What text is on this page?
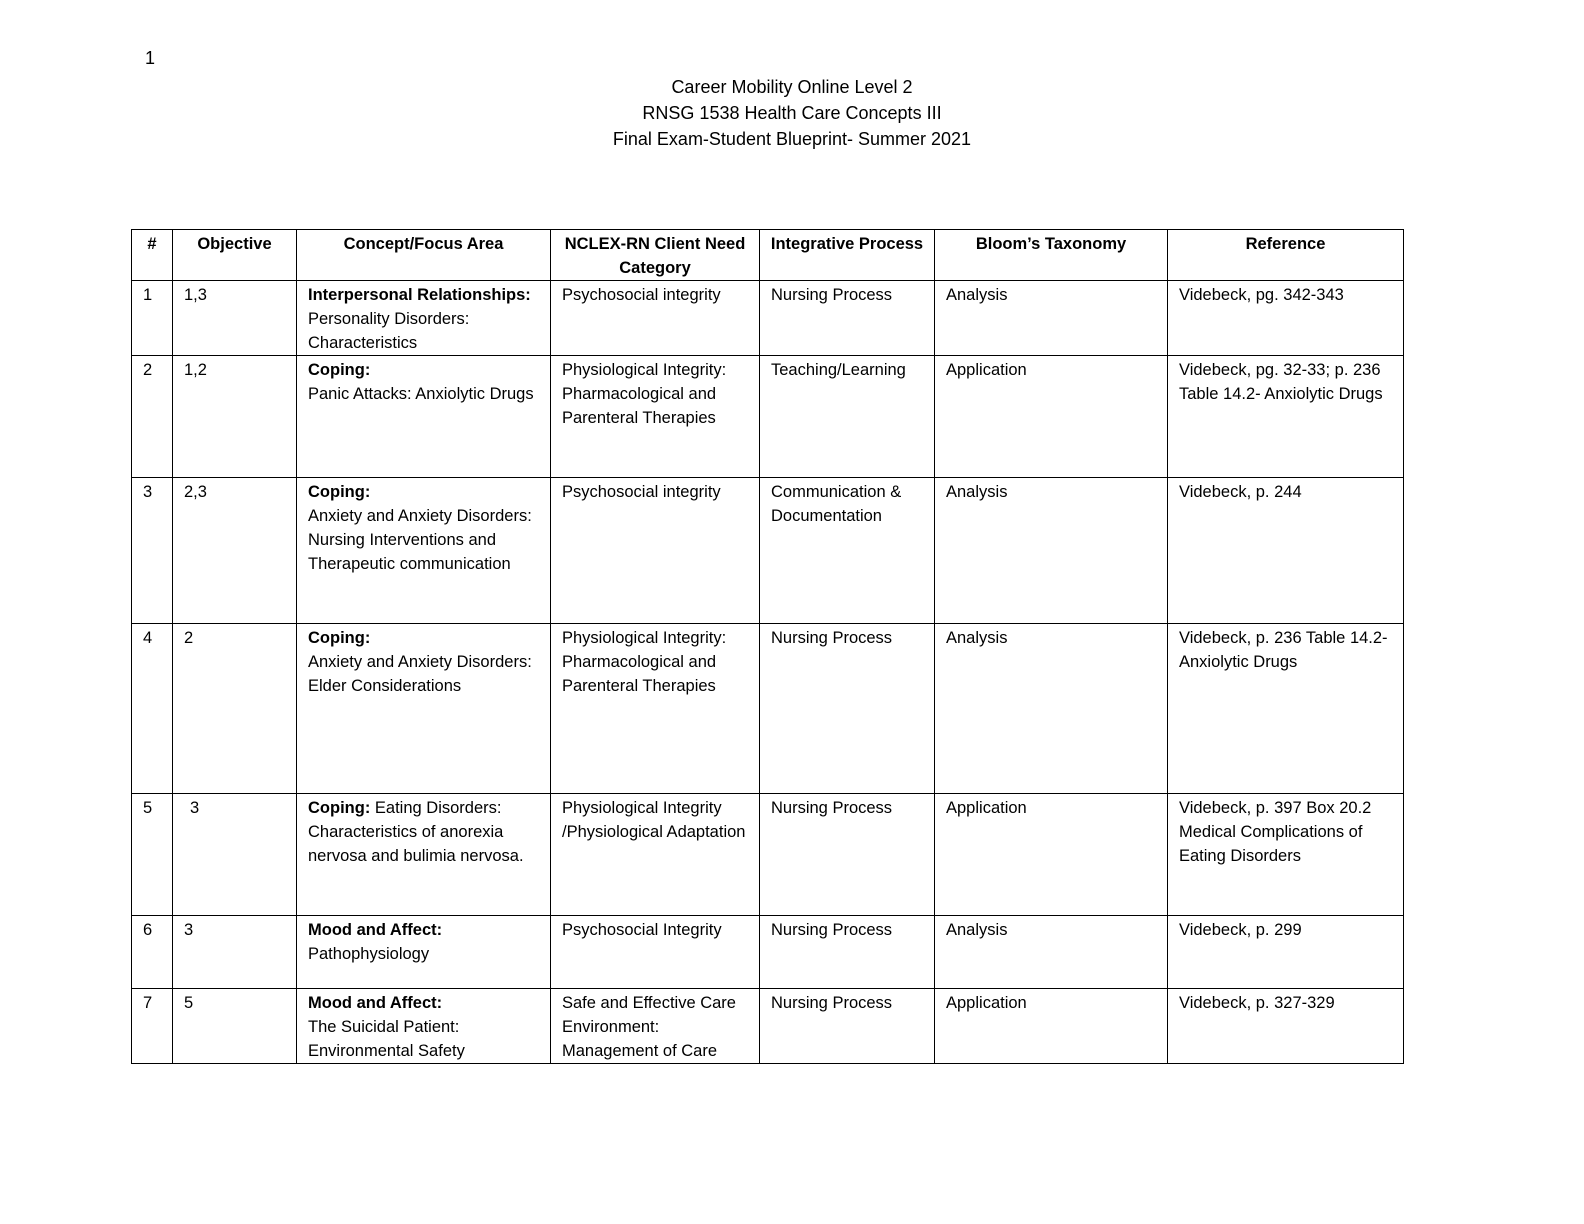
1
Career Mobility Online Level 2
RNSG 1538 Health Care Concepts III
Final Exam-Student Blueprint- Summer 2021
#	Objective	Concept/Focus Area	NCLEX-RN Client Need Category	Integrative Process	Bloom’s Taxonomy	Reference
1	1,3	Interpersonal Relationships:
Personality Disorders: Characteristics	Psychosocial integrity	Nursing Process	Analysis	Videbeck, pg. 342-343
2	1,2	Coping:
Panic Attacks: Anxiolytic Drugs	Physiological Integrity: Pharmacological and Parenteral Therapies	Teaching/Learning	Application	Videbeck, pg. 32-33; p. 236 Table 14.2- Anxiolytic Drugs
3	2,3	Coping:
Anxiety and Anxiety Disorders: Nursing Interventions and Therapeutic communication	Psychosocial integrity	Communication & Documentation	Analysis	Videbeck, p. 244
4	2	Coping:
Anxiety and Anxiety Disorders: Elder Considerations	Physiological Integrity: Pharmacological and Parenteral Therapies	Nursing Process	Analysis	Videbeck, p. 236 Table 14.2- Anxiolytic Drugs
5	3	Coping: Eating Disorders: Characteristics of anorexia nervosa and bulimia nervosa.	Physiological Integrity /Physiological Adaptation	Nursing Process	Application	Videbeck, p. 397 Box 20.2 Medical Complications of Eating Disorders
6	3	Mood and Affect:
Pathophysiology	Psychosocial Integrity	Nursing Process	Analysis	Videbeck, p. 299
7	5	Mood and Affect:
The Suicidal Patient: Environmental Safety	Safe and Effective Care Environment: Management of Care	Nursing Process	Application	Videbeck, p. 327-329
